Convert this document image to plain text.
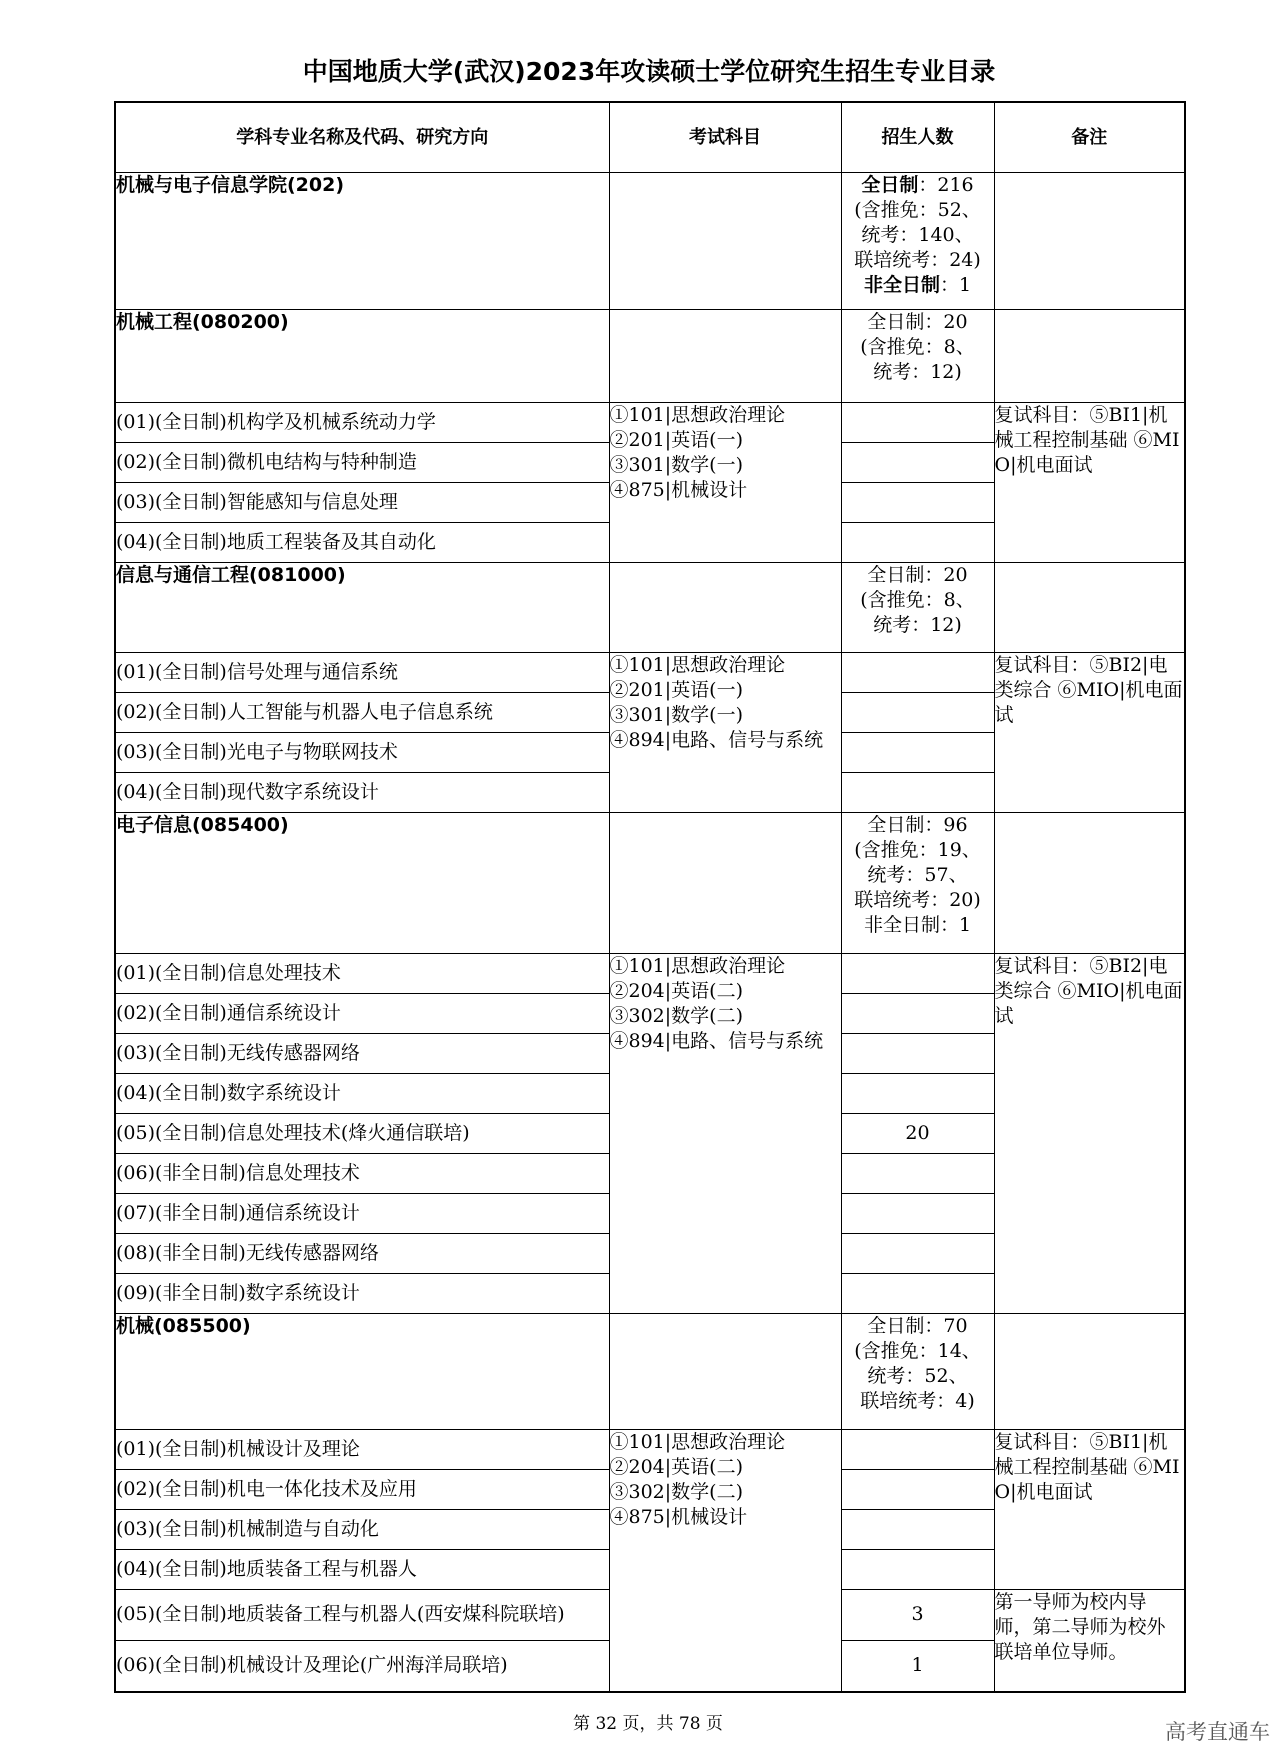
中国地质大学(武汉)2023年攻读硕士学位研究生招生专业目录
学科专业名称及代码、研究方向	考试科目	招生人数	备注
机械与电子信息学院(202)		全日制：216
(含推免：52、
统考：140、
联培统考：24)
非全日制：1	

机械工程(080200)		全日制：20
(含推免：8、
统考：12)	

(01)(全日制)机构学及机械系统动力学	①101|思想政治理论
②201|英语(一)
③301|数学(一)
④875|机械设计		复试科目：⑤BI1|机械工程控制基础 ⑥MIO|机电面试
(02)(全日制)微机电结构与特种制造			
(03)(全日制)智能感知与信息处理			
(04)(全日制)地质工程装备及其自动化			
信息与通信工程(081000)		全日制：20
(含推免：8、
统考：12)	

(01)(全日制)信号处理与通信系统	①101|思想政治理论
②201|英语(一)
③301|数学(一)
④894|电路、信号与系统		复试科目：⑤BI2|电类综合 ⑥MIO|机电面试
(02)(全日制)人工智能与机器人电子信息系统			
(03)(全日制)光电子与物联网技术			
(04)(全日制)现代数字系统设计			
电子信息(085400)		全日制：96
(含推免：19、
统考：57、
联培统考：20)
非全日制：1	

(01)(全日制)信息处理技术	①101|思想政治理论
②204|英语(二)
③302|数学(二)
④894|电路、信号与系统		复试科目：⑤BI2|电类综合 ⑥MIO|机电面试
(02)(全日制)通信系统设计			
(03)(全日制)无线传感器网络			
(04)(全日制)数字系统设计			
(05)(全日制)信息处理技术(烽火通信联培)		20	
(06)(非全日制)信息处理技术			
(07)(非全日制)通信系统设计			
(08)(非全日制)无线传感器网络			
(09)(非全日制)数字系统设计			
机械(085500)		全日制：70
(含推免：14、
统考：52、
联培统考：4)	

(01)(全日制)机械设计及理论	①101|思想政治理论
②204|英语(二)
③302|数学(二)
④875|机械设计		复试科目：⑤BI1|机械工程控制基础 ⑥MIO|机电面试
(02)(全日制)机电一体化技术及应用			
(03)(全日制)机械制造与自动化			
(04)(全日制)地质装备工程与机器人			
(05)(全日制)地质装备工程与机器人(西安煤科院联培)		3	第一导师为校内导师，第二导师为校外联培单位导师。
(06)(全日制)机械设计及理论(广州海洋局联培)		1	
第 32 页，共 78 页	高考直通车
